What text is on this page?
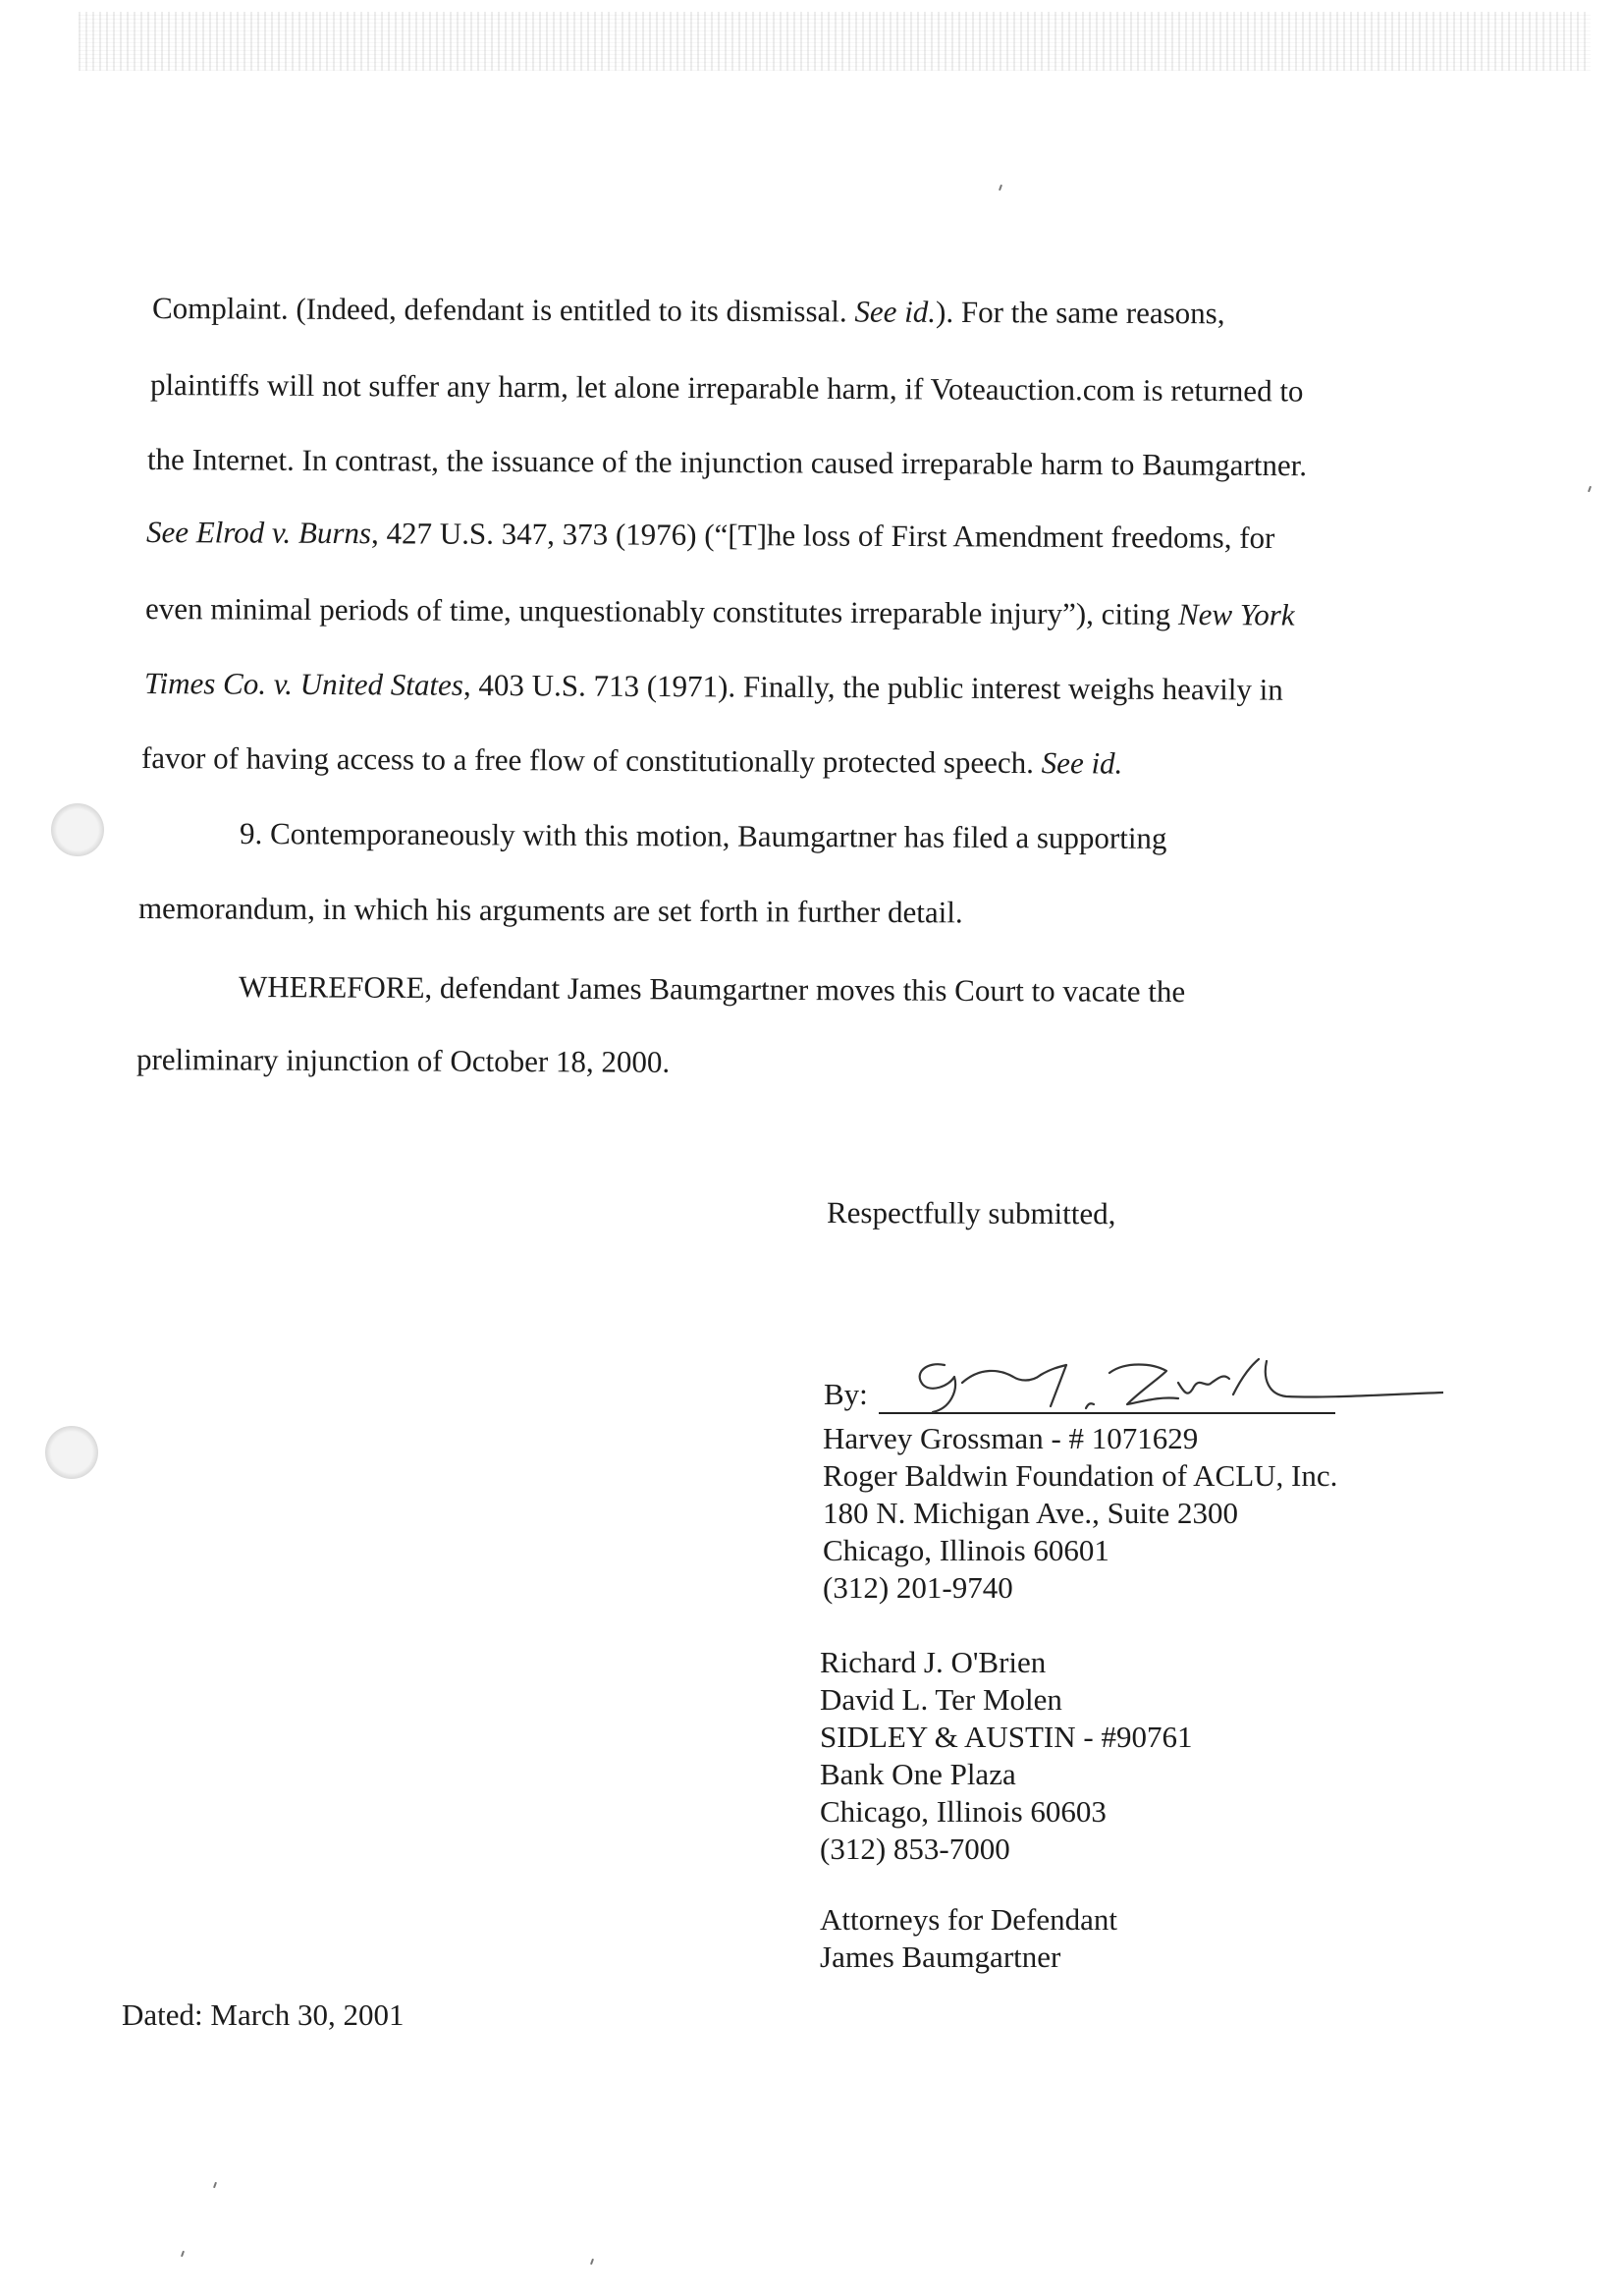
Complaint. (Indeed, defendant is entitled to its dismissal. See id.). For the same reasons,

plaintiffs will not suffer any harm, let alone irreparable harm, if Voteauction.com is returned to

the Internet. In contrast, the issuance of the injunction caused irreparable harm to Baumgartner.

See Elrod v. Burns, 427 U.S. 347, 373 (1976) (“[T]he loss of First Amendment freedoms, for

even minimal periods of time, unquestionably constitutes irreparable injury”), citing New York

Times Co. v. United States, 403 U.S. 713 (1971). Finally, the public interest weighs heavily in

favor of having access to a free flow of constitutionally protected speech. See id.

9. Contemporaneously with this motion, Baumgartner has filed a supporting

memorandum, in which his arguments are set forth in further detail.

WHEREFORE, defendant James Baumgartner moves this Court to vacate the

preliminary injunction of October 18, 2000.

Respectfully submitted,

By:

Harvey Grossman - # 1071629
Roger Baldwin Foundation of ACLU, Inc.
180 N. Michigan Ave., Suite 2300
Chicago, Illinois 60601
(312) 201-9740
Richard J. O'Brien
David L. Ter Molen
SIDLEY & AUSTIN - #90761
Bank One Plaza
Chicago, Illinois 60603
(312) 853-7000
Attorneys for Defendant
James Baumgartner

Dated: March 30, 2001
